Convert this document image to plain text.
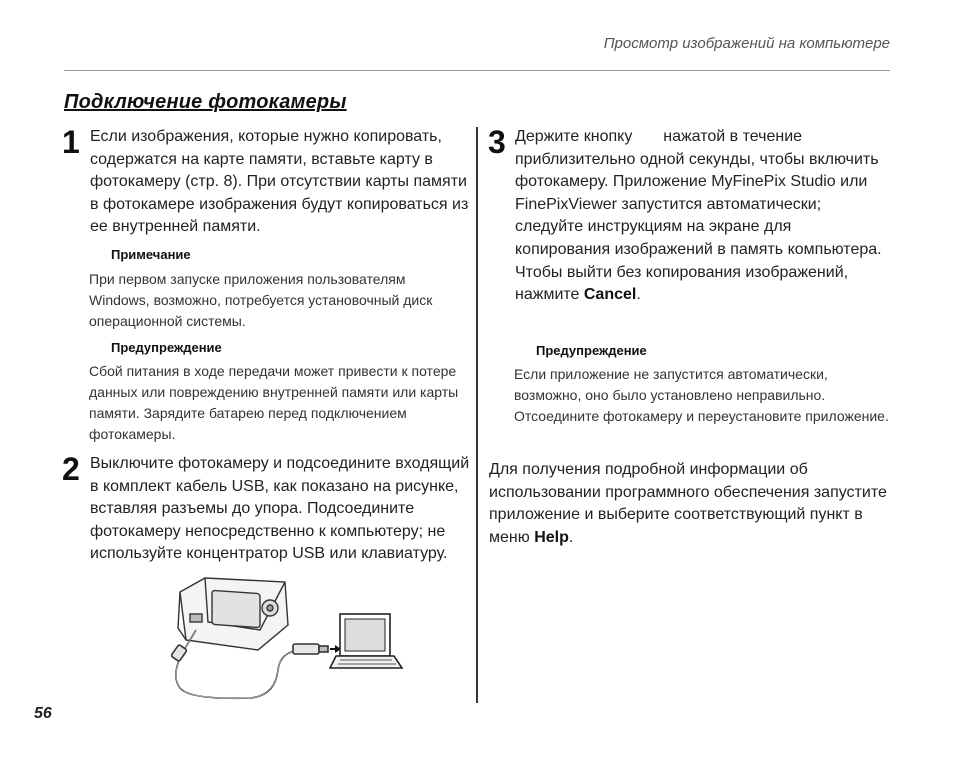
Просмотр изображений на компьютере
Подключение фотокамеры
1 Если изображения, которые нужно копировать, содержатся на карте памяти, вставьте карту в фотокамеру (стр. 8). При отсутствии карты памяти в фотокамере изображения будут копироваться из ее внутренней памяти.

Примечание

При первом запуске приложения пользователям Windows, возможно, потребуется установочный диск операционной системы.

Предупреждение

Сбой питания в ходе передачи может привести к потере данных или повреждению внутренней памяти или карты памяти. Зарядите батарею перед подключением фотокамеры.

2 Выключите фотокамеру и подсоедините входящий в комплект кабель USB, как показано на рисунке, вставляя разъемы до упора. Подсоедините фотокамеру непосредственно к компьютеру; не используйте концентратор USB или клавиатуру.

3 Держите кнопку  нажатой в течение приблизительно одной секунды, чтобы включить фотокамеру. Приложение MyFinePix Studio или FinePixViewer запустится автоматически; следуйте инструкциям на экране для копирования изображений в память компьютера. Чтобы выйти без копирования изображений, нажмите Cancel.

Предупреждение

Если приложение не запустится автоматически, возможно, оно было установлено неправильно. Отсоедините фотокамеру и переустановите приложение.

Для получения подробной информации об использовании программного обеспечения запустите приложение и выберите соответствующий пункт в меню Help.

56
